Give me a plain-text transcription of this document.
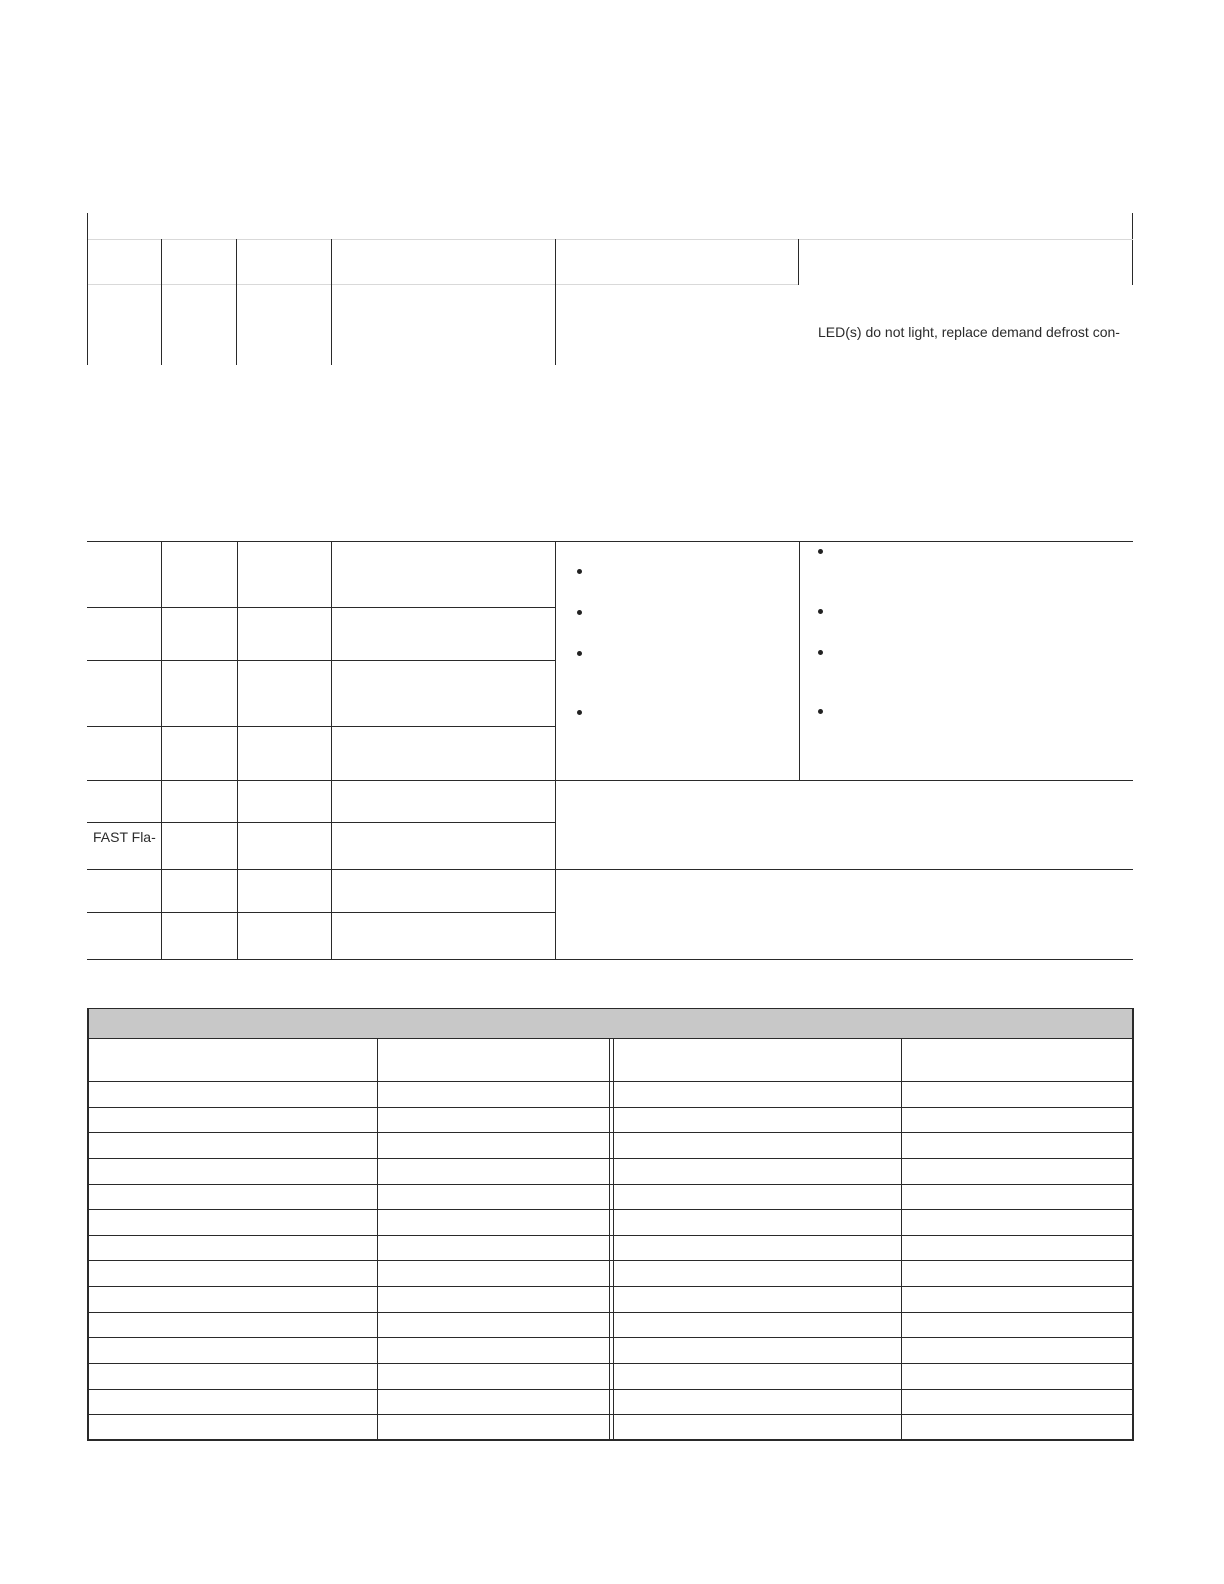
LED(s) do not light, replace demand defrost con-
FAST Fla-
